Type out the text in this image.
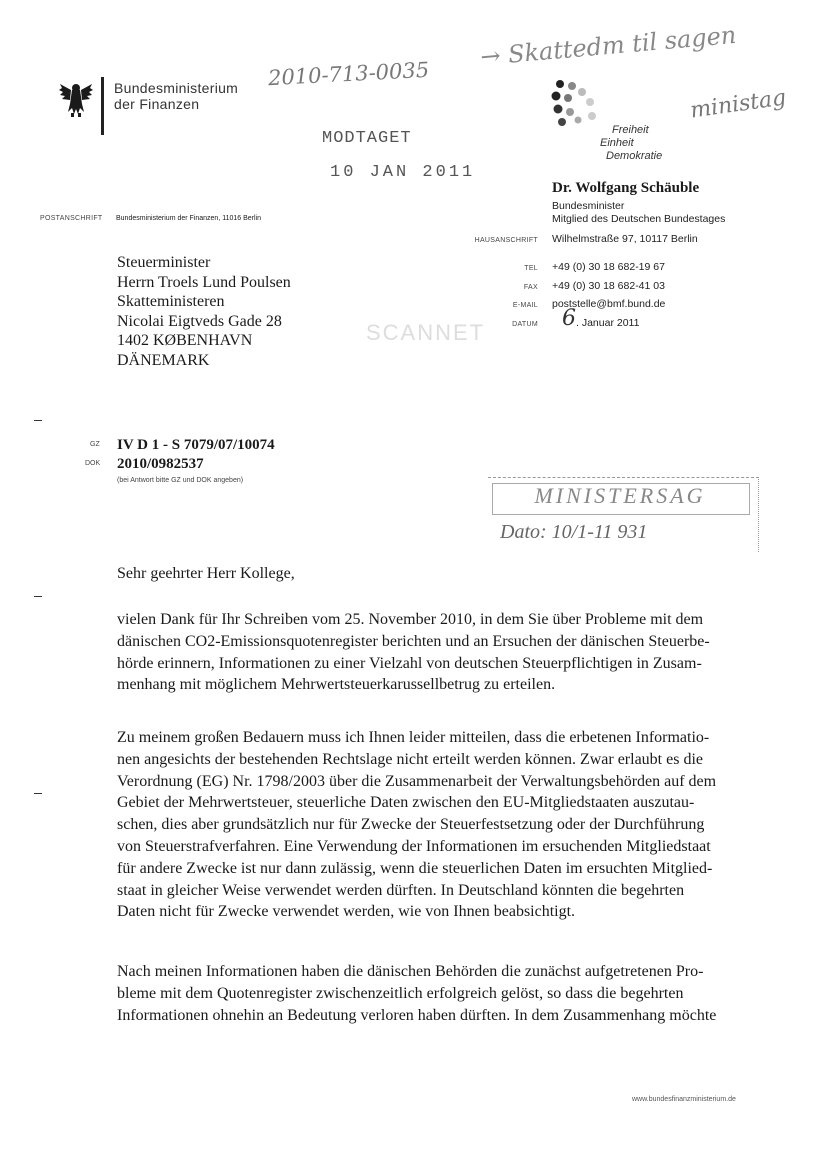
Bundesministerium
der Finanzen
2010-713-0035
→ Skattedm til sagen
ministag
MODTAGET
10 JAN 2011
SCANNET
Freiheit
Einheit
Demokratie
Dr. Wolfgang Schäuble
Bundesminister
Mitglied des Deutschen Bundestages
POSTANSCHRIFT Bundesministerium der Finanzen, 11016 Berlin
HAUSANSCHRIFT Wilhelmstraße 97, 10117 Berlin
TEL +49 (0) 30 18 682-19 67
FAX +49 (0) 30 18 682-41 03
E-MAIL poststelle@bmf.bund.de
DATUM 6 . Januar 2011
Steuerminister
Herrn Troels Lund Poulsen
Skatteministeren
Nicolai Eigtveds Gade 28
1402 KØBENHAVN
DÄNEMARK
GZ
DOK
IV D 1 - S 7079/07/10074
2010/0982537
(bei Antwort bitte GZ und DOK angeben)
MINISTERSAG
Dato: 10/1-11 931
Sehr geehrter Herr Kollege,
vielen Dank für Ihr Schreiben vom 25. November 2010, in dem Sie über Probleme mit dem
dänischen CO2-Emissionsquotenregister berichten und an Ersuchen der dänischen Steuerbe-
hörde erinnern, Informationen zu einer Vielzahl von deutschen Steuerpflichtigen in Zusam-
menhang mit möglichem Mehrwertsteuerkarussellbetrug zu erteilen.
Zu meinem großen Bedauern muss ich Ihnen leider mitteilen, dass die erbetenen Informatio-
nen angesichts der bestehenden Rechtslage nicht erteilt werden können. Zwar erlaubt es die
Verordnung (EG) Nr. 1798/2003 über die Zusammenarbeit der Verwaltungsbehörden auf dem
Gebiet der Mehrwertsteuer, steuerliche Daten zwischen den EU-Mitgliedstaaten auszutau-
schen, dies aber grundsätzlich nur für Zwecke der Steuerfestsetzung oder der Durchführung
von Steuerstrafverfahren. Eine Verwendung der Informationen im ersuchenden Mitgliedstaat
für andere Zwecke ist nur dann zulässig, wenn die steuerlichen Daten im ersuchten Mitglied-
staat in gleicher Weise verwendet werden dürften. In Deutschland könnten die begehrten
Daten nicht für Zwecke verwendet werden, wie von Ihnen beabsichtigt.
Nach meinen Informationen haben die dänischen Behörden die zunächst aufgetretenen Pro-
bleme mit dem Quotenregister zwischenzeitlich erfolgreich gelöst, so dass die begehrten
Informationen ohnehin an Bedeutung verloren haben dürften. In dem Zusammenhang möchte
www.bundesfinanzministerium.de
